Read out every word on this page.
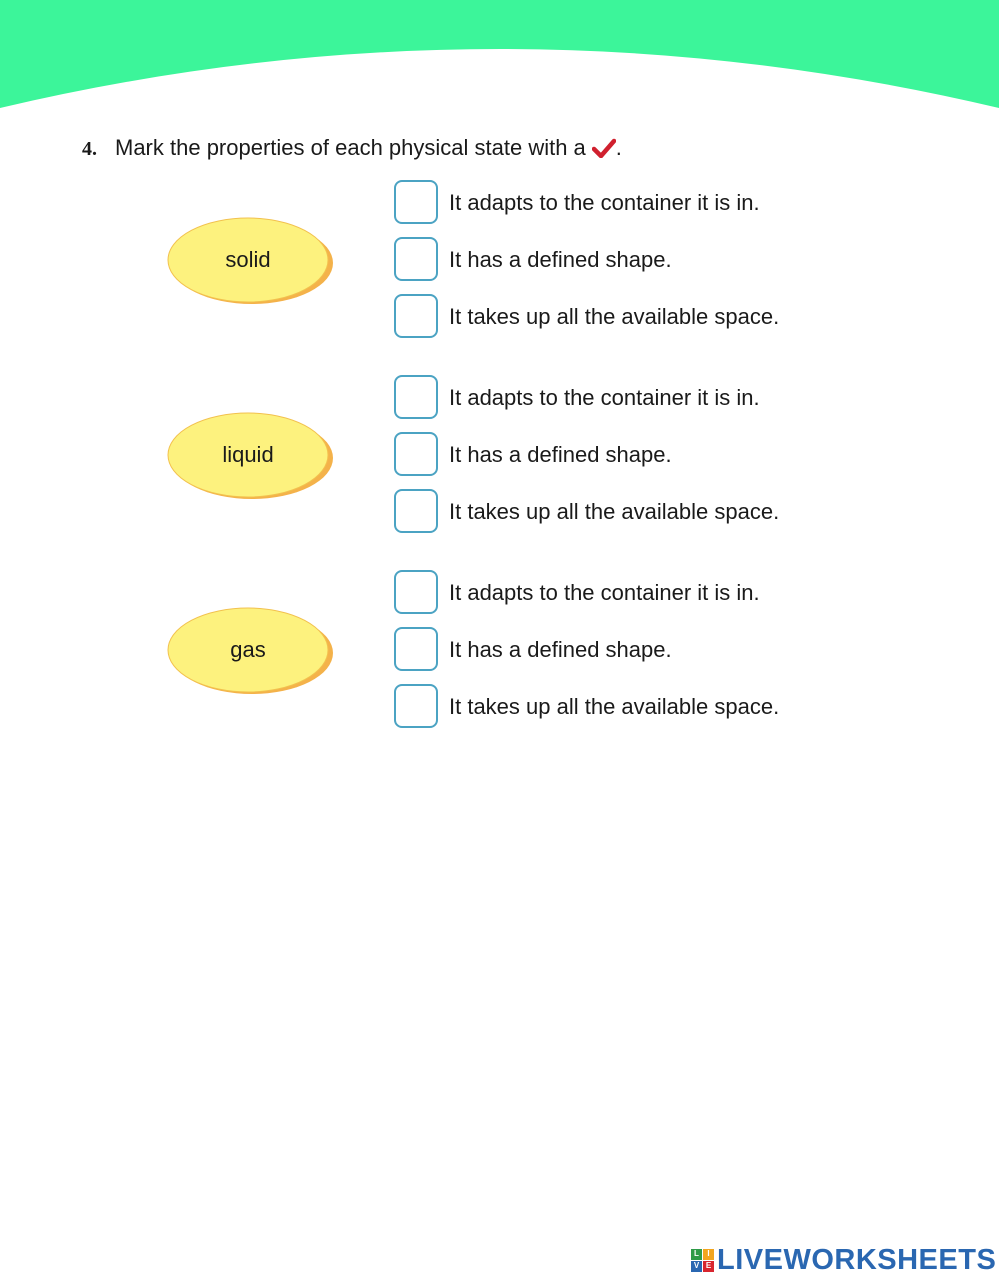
4. Mark the properties of each physical state with a .
solid
It adapts to the container it is in.
It has a defined shape.
It takes up all the available space.
liquid
It adapts to the container it is in.
It has a defined shape.
It takes up all the available space.
gas
It adapts to the container it is in.
It has a defined shape.
It takes up all the available space.
L	I
V E LIVEWORKSHEETS
